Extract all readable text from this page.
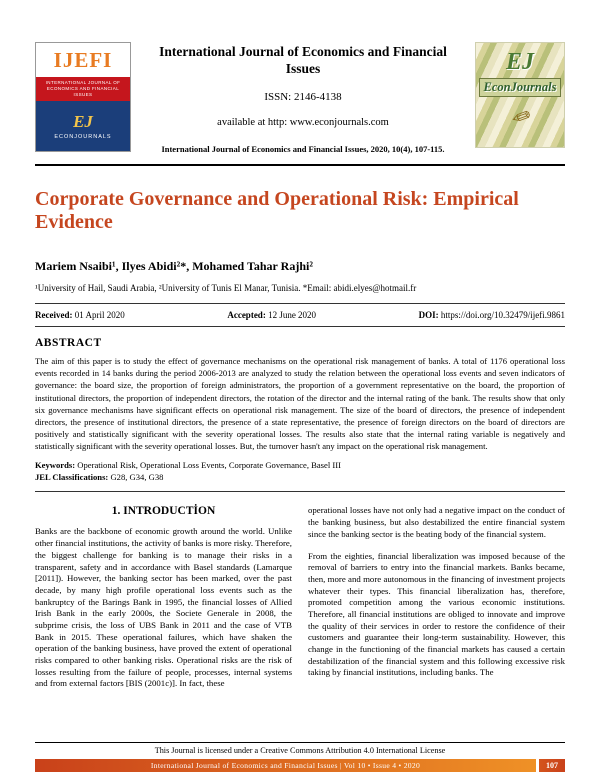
IJEFI
INTERNATIONAL JOURNAL OF ECONOMICS AND FINANCIAL ISSUES
EJ
ECONJOURNALS
International Journal of Economics and Financial Issues
ISSN: 2146-4138
available at http: www.econjournals.com
International Journal of Economics and Financial Issues, 2020, 10(4), 107-115.
EJ
EconJournals
✎
Corporate Governance and Operational Risk: Empirical Evidence
Mariem Nsaibi¹, Ilyes Abidi²*, Mohamed Tahar Rajhi²
¹University of Hail, Saudi Arabia, ²University of Tunis El Manar, Tunisia. *Email: abidi.elyes@hotmail.fr
Received: 01 April 2020	Accepted: 12 June 2020	DOI: https://doi.org/10.32479/ijefi.9861
ABSTRACT
The aim of this paper is to study the effect of governance mechanisms on the operational risk management of banks. A total of 1176 operational loss events recorded in 14 banks during the period 2006-2013 are analyzed to study the relation between the operational loss events and seven indicators of governance: the board size, the proportion of foreign administrators, the proportion of a government representative on the board, the proportion of institutional directors, the proportion of independent directors, the rotation of the director and the internal rating of the bank. The results show that only six governance mechanisms have significant effects on operational risk management. The size of the board of directors, the presence of independent directors, the presence of institutional directors, the presence of a state representative, the presence of foreign directors on the board of directors are positively and statistically significant with the severity operational losses. The results also state that the internal rating variable is negatively and statistically significant with the severity operational losses. But, the turnover hasn't any impact on the operational risk management.
Keywords: Operational Risk, Operational Loss Events, Corporate Governance, Basel III
JEL Classifications: G28, G34, G38
1. INTRODUCTİON
Banks are the backbone of economic growth around the world. Unlike other financial institutions, the activity of banks is more risky. Therefore, the biggest challenge for banking is to manage their risks in a transparent, safety and in accordance with Basel standards (Lamarque [2011]). However, the banking sector has been marked, over the past decade, by many high profile operational loss events such as the bankruptcy of the Barings Bank in 1995, the financial losses of Allied Irish Bank in the early 2000s, the Societe Generale in 2008, the subprime crisis, the loss of UBS Bank in 2011 and the case of VTB Bank in 2015. These operational failures, which have shaken the operation of the banking business, have proved the extent of operational risks compared to other banking risks. Operational risks are the risk of losses resulting from the failure of people, processes, internal systems and from external factors [BIS (2001c)]. In fact, these
operational losses have not only had a negative impact on the conduct of the banking business, but also destabilized the entire financial system since the banking sector is the beating body of the financial system.
From the eighties, financial liberalization was imposed because of the removal of barriers to entry into the financial markets. Banks became, then, more and more autonomous in the financing of investment projects whatever their types. This financial liberalization has, therefore, promoted competition among the various economic institutions. Therefore, all financial institutions are obliged to innovate and improve the quality of their services in order to restore the confidence of their customers and guarantee their long-term sustainability. However, this change in the functioning of the financial markets has caused a certain destabilization of the financial system and this following excessive risk taking by financial institutions, including banks. The
This Journal is licensed under a Creative Commons Attribution 4.0 International License
International Journal of Economics and Financial Issues | Vol 10 • Issue 4 • 2020	107
